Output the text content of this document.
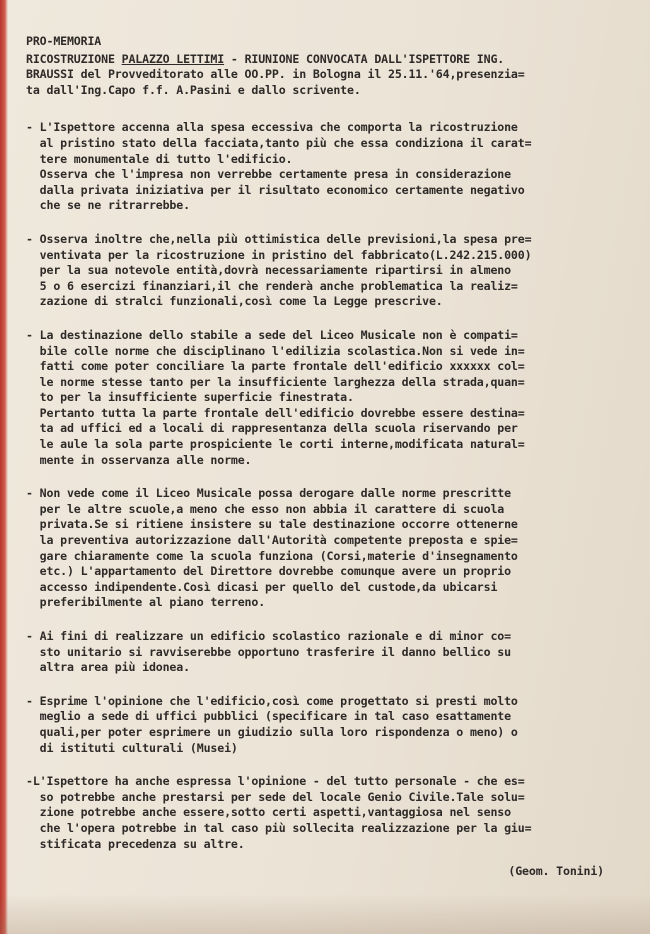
PRO-MEMORIA
RICOSTRUZIONE PALAZZO LETTIMI - RIUNIONE CONVOCATA DALL'ISPETTORE ING.
BRAUSSI del Provveditorato alle OO.PP. in Bologna il 25.11.'64,presenzia=
ta dall'Ing.Capo f.f. A.Pasini e dallo scrivente.
- L'Ispettore accenna alla spesa eccessiva che comporta la ricostruzione
al pristino stato della facciata,tanto più che essa condiziona il carat=
tere monumentale di tutto l'edificio.
Osserva che l'impresa non verrebbe certamente presa in considerazione
dalla privata iniziativa per il risultato economico certamente negativo
che se ne ritrarrebbe.
- Osserva inoltre che,nella più ottimistica delle previsioni,la spesa pre=
ventivata per la ricostruzione in pristino del fabbricato(L.242.215.000)
per la sua notevole entità,dovrà necessariamente ripartirsi in almeno
5 o 6 esercizi finanziari,il che renderà anche problematica la realiz=
zazione di stralci funzionali,così come la Legge prescrive.
- La destinazione dello stabile a sede del Liceo Musicale non è compati=
bile colle norme che disciplinano l'edilizia scolastica.Non si vede in=
fatti come poter conciliare la parte frontale dell'edificio xxxxxx col=
le norme stesse tanto per la insufficiente larghezza della strada,quan=
to per la insufficiente superficie finestrata.
Pertanto tutta la parte frontale dell'edificio dovrebbe essere destina=
ta ad uffici ed a locali di rappresentanza della scuola riservando per
le aule la sola parte prospiciente le corti interne,modificata natural=
mente in osservanza alle norme.
- Non vede come il Liceo Musicale possa derogare dalle norme prescritte
per le altre scuole,a meno che esso non abbia il carattere di scuola
privata.Se si ritiene insistere su tale destinazione occorre ottenerne
la preventiva autorizzazione dall'Autorità competente preposta e spie=
gare chiaramente come la scuola funziona (Corsi,materie d'insegnamento
etc.) L'appartamento del Direttore dovrebbe comunque avere un proprio
accesso indipendente.Così dicasi per quello del custode,da ubicarsi
preferibilmente al piano terreno.
- Ai fini di realizzare un edificio scolastico razionale e di minor co=
sto unitario si ravviserebbe opportuno trasferire il danno bellico su
altra area più idonea.
- Esprime l'opinione che l'edificio,così come progettato si presti molto
meglio a sede di uffici pubblici (specificare in tal caso esattamente
quali,per poter esprimere un giudizio sulla loro rispondenza o meno) o
di istituti culturali (Musei)
-L'Ispettore ha anche espressa l'opinione - del tutto personale - che es=
so potrebbe anche prestarsi per sede del locale Genio Civile.Tale solu=
zione potrebbe anche essere,sotto certi aspetti,vantaggiosa nel senso
che l'opera potrebbe in tal caso più sollecita realizzazione per la giu=
stificata precedenza su altre.
(Geom. Tonini)
